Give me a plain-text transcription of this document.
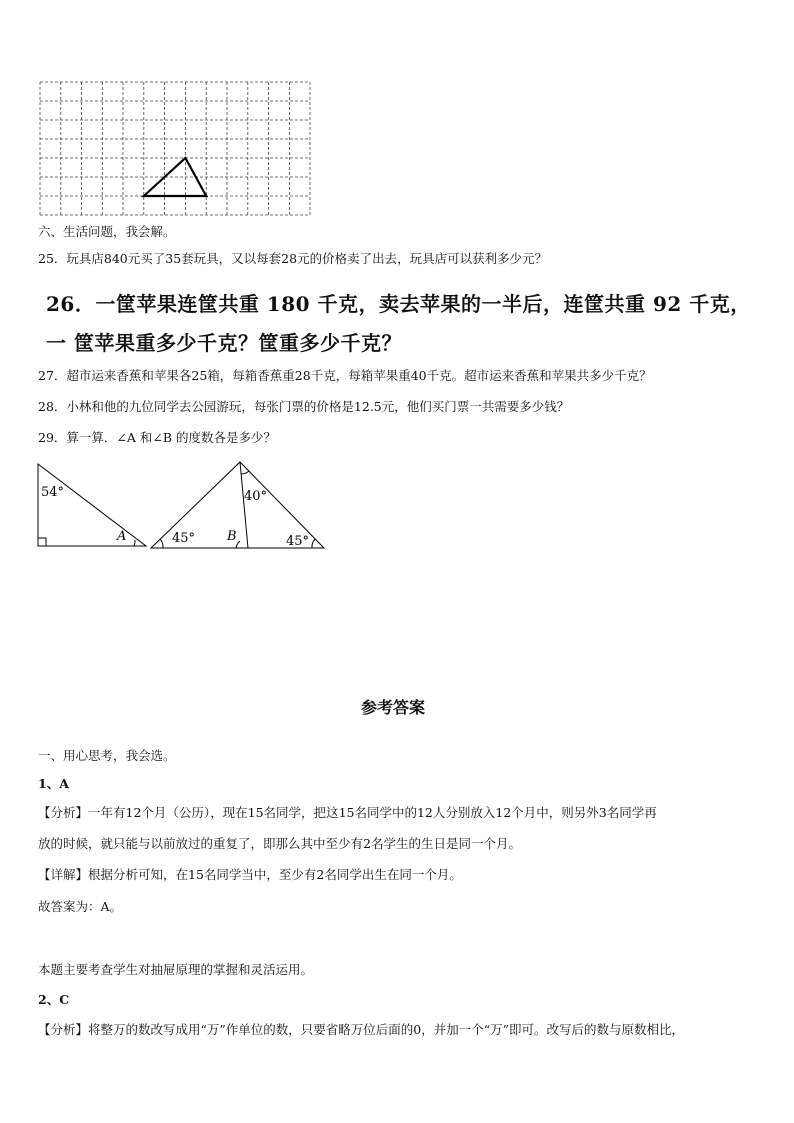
六、生活问题，我会解。
25．玩具店840元买了35套玩具，又以每套28元的价格卖了出去，玩具店可以获利多少元？
26．一筐苹果连筐共重 180 千克，卖去苹果的一半后，连筐共重 92 千克，
一 筐苹果重多少千克？筐重多少千克？
27．超市运来香蕉和苹果各25箱，每箱香蕉重28千克，每箱苹果重40千克。超市运来香蕉和苹果共多少千克？
28．小林和他的九位同学去公园游玩，每张门票的价格是12.5元，他们买门票一共需要多少钱？
29．算一算．∠A 和∠B 的度数各是多少？
54°
A	45°
40°
B	45°
参考答案
一、用心思考，我会选。
1、A
【分析】一年有12个月（公历），现在15名同学，把这15名同学中的12人分别放入12个月中，则另外3名同学再
放的时候，就只能与以前放过的重复了，即那么其中至少有2名学生的生日是同一个月。
【详解】根据分析可知，在15名同学当中，至少有2名同学出生在同一个月。
故答案为：A。
本题主要考查学生对抽屉原理的掌握和灵活运用。
2、C
【分析】将整万的数改写成用“万”作单位的数，只要省略万位后面的0，并加一个“万”即可。改写后的数与原数相比，
